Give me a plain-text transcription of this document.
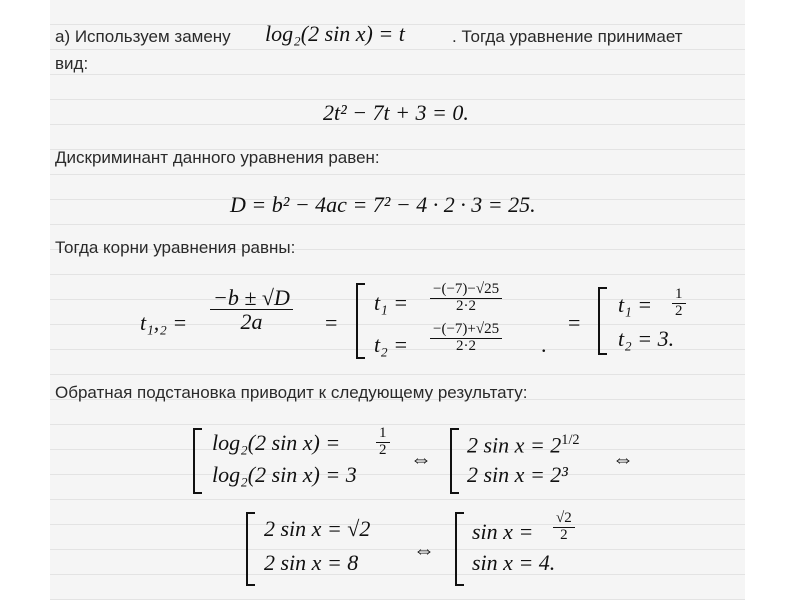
а) Используем замену log₂(2 sin x) = t	. Тогда уравнение принимает
вид:
2t² − 7t + 3 = 0.
Дискриминант данного уравнения равен:
D = b² − 4ac = 7² − 4 · 2 · 3 = 25.
Тогда корни уравнения равны:
$t_1,_2 = \frac{-b \pm √D}{2a}$ =
$t_1 = \frac{-(-7)-√25}{2\cdot 2}$
$t_2 = \frac{-(-7)+√25}{2\cdot 2}$ .
=
$t_1 = \frac{1}{2}$
t₂ = 3.
Обратная подстановка приводит к следующему результату:
log₂(2 $\sin x) = \frac{1}{2}$
log₂(2 sin x) = 3
⇔
2 $\sin x = 2^{1/2}$
2 sin x = 2³
⇔
2 sin x = √2
2 sin x = 8
⇔
$\sin x = \frac{√2}{2}$
sin x = 4.
